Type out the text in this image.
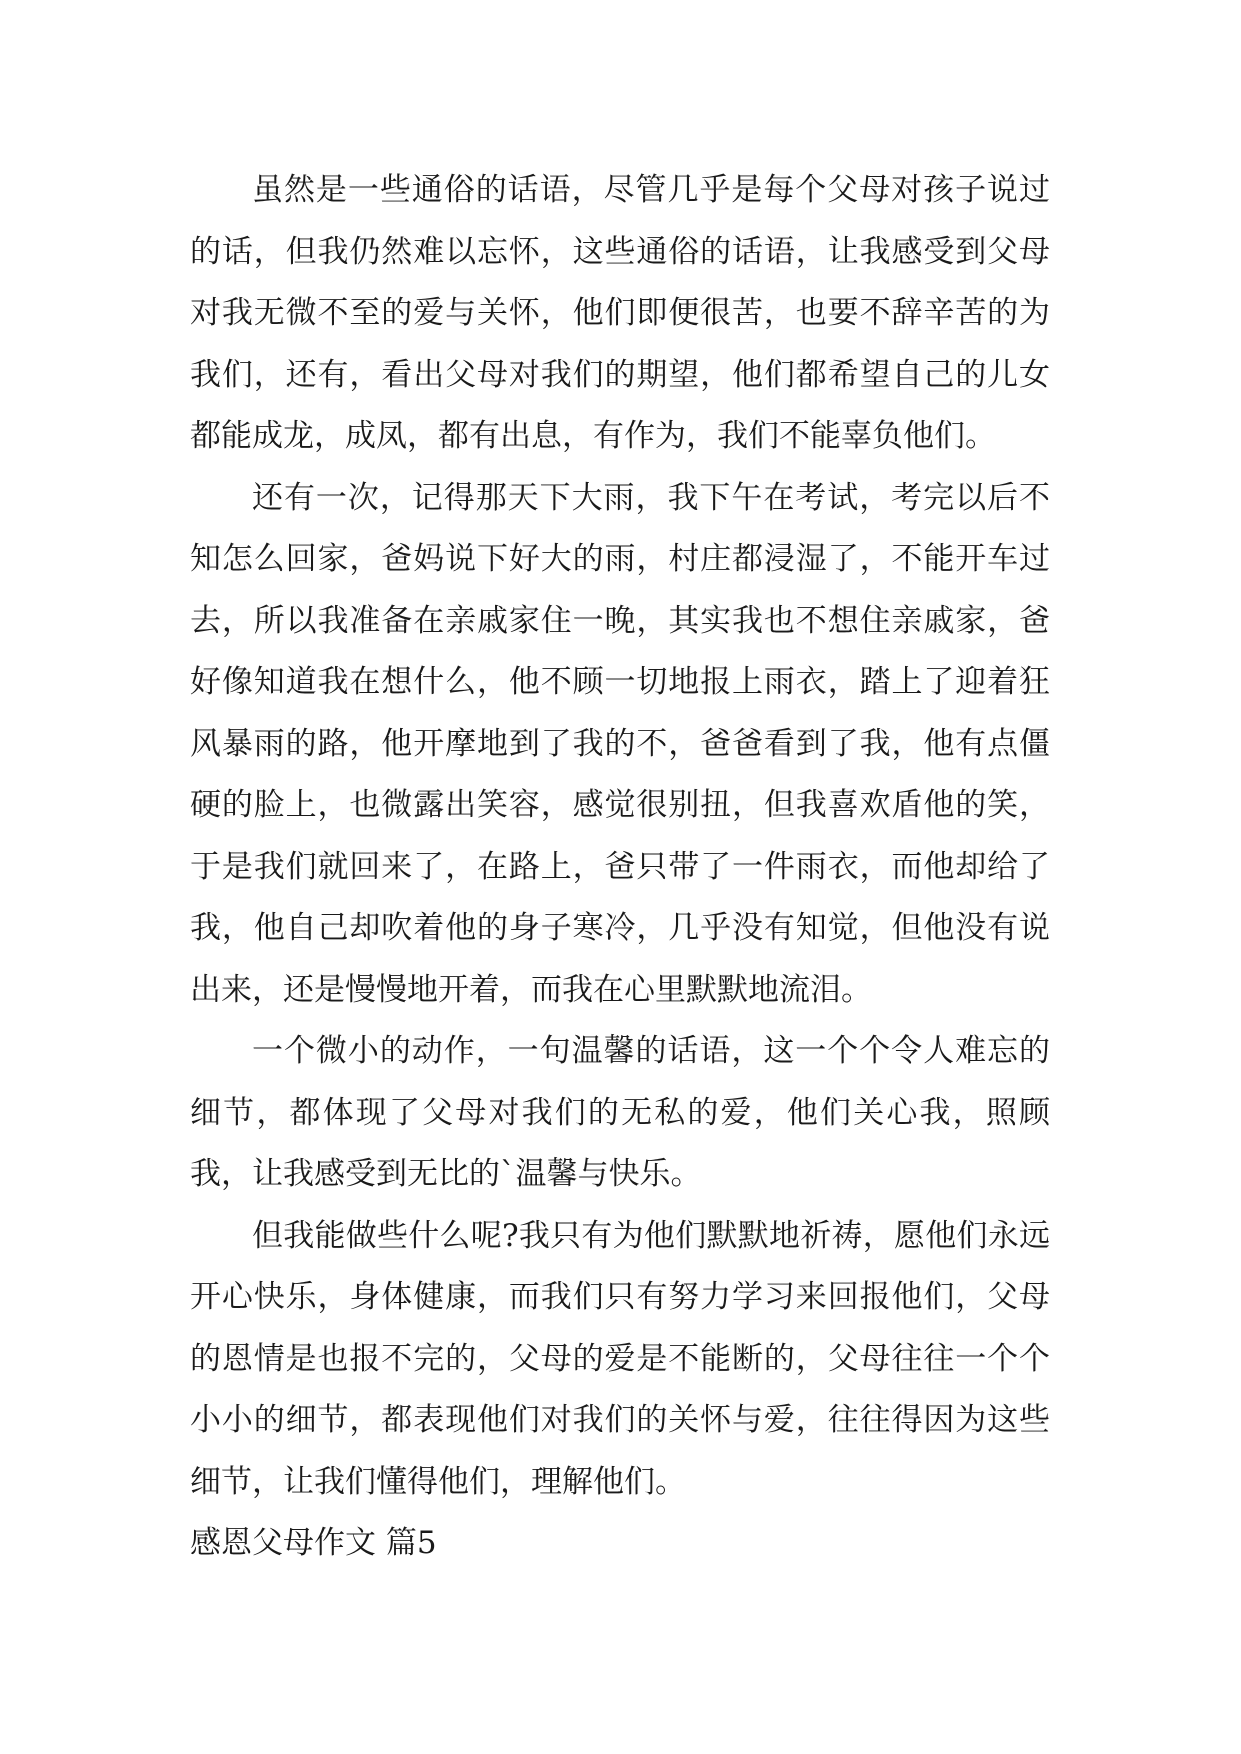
虽然是一些通俗的话语，尽管几乎是每个父母对孩子说过的话，但我仍然难以忘怀，这些通俗的话语，让我感受到父母对我无微不至的爱与关怀，他们即便很苦，也要不辞辛苦的为我们，还有，看出父母对我们的期望，他们都希望自己的儿女都能成龙，成凤，都有出息，有作为，我们不能辜负他们。

还有一次，记得那天下大雨，我下午在考试，考完以后不知怎么回家，爸妈说下好大的雨，村庄都浸湿了，不能开车过去，所以我准备在亲戚家住一晚，其实我也不想住亲戚家，爸好像知道我在想什么，他不顾一切地报上雨衣，踏上了迎着狂风暴雨的路，他开摩地到了我的不，爸爸看到了我，他有点僵硬的脸上，也微露出笑容，感觉很别扭，但我喜欢盾他的笑，于是我们就回来了，在路上，爸只带了一件雨衣，而他却给了我，他自己却吹着他的身子寒冷，几乎没有知觉，但他没有说出来，还是慢慢地开着，而我在心里默默地流泪。

一个微小的动作，一句温馨的话语，这一个个令人难忘的细节，都体现了父母对我们的无私的爱，他们关心我，照顾我，让我感受到无比的`温馨与快乐。

但我能做些什么呢?我只有为他们默默地祈祷，愿他们永远开心快乐，身体健康，而我们只有努力学习来回报他们，父母的恩情是也报不完的，父母的爱是不能断的，父母往往一个个小小的细节，都表现他们对我们的关怀与爱，往往得因为这些细节，让我们懂得他们，理解他们。

感恩父母作文 篇5
